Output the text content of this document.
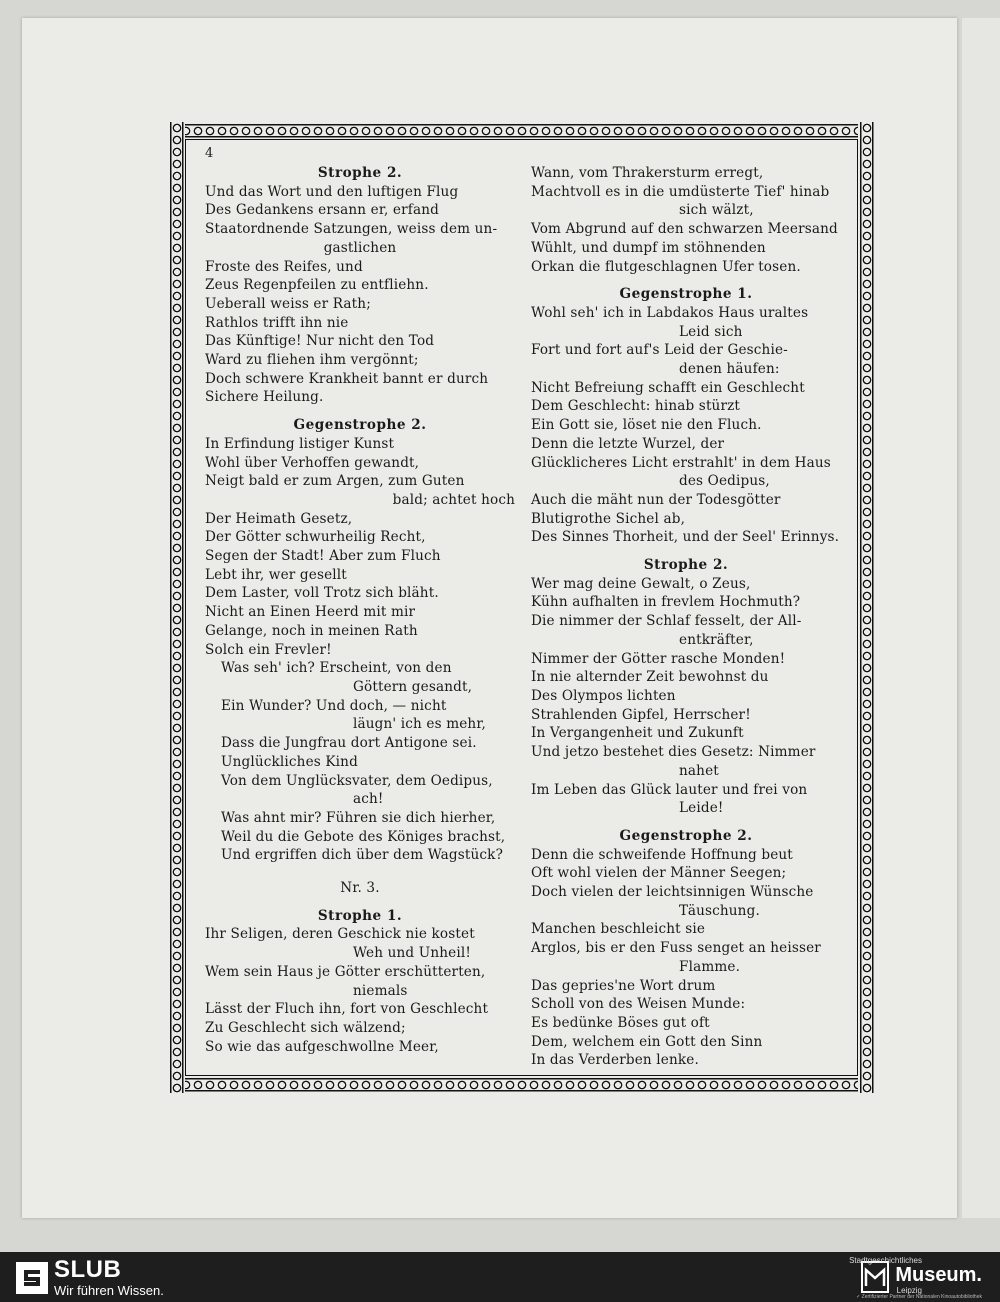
4

Strophe 2.

Und das Wort und den luftigen Flug

Des Gedankens ersann er, erfand

Staatordnende Satzungen, weiss dem un-

gastlichen

Froste des Reifes, und

Zeus Regenpfeilen zu entfliehn.

Ueberall weiss er Rath;

Rathlos trifft ihn nie

Das Künftige! Nur nicht den Tod

Ward zu fliehen ihm vergönnt;

Doch schwere Krankheit bannt er durch

Sichere Heilung.

Gegenstrophe 2.

In Erfindung listiger Kunst

Wohl über Verhoffen gewandt,

Neigt bald er zum Argen, zum Guten

bald; achtet hoch

Der Heimath Gesetz,

Der Götter schwurheilig Recht,

Segen der Stadt! Aber zum Fluch

Lebt ihr, wer gesellt

Dem Laster, voll Trotz sich bläht.

Nicht an Einen Heerd mit mir

Gelange, noch in meinen Rath

Solch ein Frevler!

Was seh' ich? Erscheint, von den

Göttern gesandt,

Ein Wunder? Und doch, — nicht

läugn' ich es mehr,

Dass die Jungfrau dort Antigone sei.

Unglückliches Kind

Von dem Unglücksvater, dem Oedipus,

ach!

Was ahnt mir? Führen sie dich hierher,

Weil du die Gebote des Königes brachst,

Und ergriffen dich über dem Wagstück?

Nr. 3.

Strophe 1.

Ihr Seligen, deren Geschick nie kostet

Weh und Unheil!

Wem sein Haus je Götter erschütterten,

niemals

Lässt der Fluch ihn, fort von Geschlecht

Zu Geschlecht sich wälzend;

So wie das aufgeschwollne Meer,

Wann, vom Thrakersturm erregt,

Machtvoll es in die umdüsterte Tief' hinab

sich wälzt,

Vom Abgrund auf den schwarzen Meersand

Wühlt, und dumpf im stöhnenden

Orkan die flutgeschlagnen Ufer tosen.

Gegenstrophe 1.

Wohl seh' ich in Labdakos Haus uraltes

Leid sich

Fort und fort auf's Leid der Geschie-

denen häufen:

Nicht Befreiung schafft ein Geschlecht

Dem Geschlecht: hinab stürzt

Ein Gott sie, löset nie den Fluch.

Denn die letzte Wurzel, der

Glücklicheres Licht erstrahlt' in dem Haus

des Oedipus,

Auch die mäht nun der Todesgötter

Blutigrothe Sichel ab,

Des Sinnes Thorheit, und der Seel' Erinnys.

Strophe 2.

Wer mag deine Gewalt, o Zeus,

Kühn aufhalten in frevlem Hochmuth?

Die nimmer der Schlaf fesselt, der All-

entkräfter,

Nimmer der Götter rasche Monden!

In nie alternder Zeit bewohnst du

Des Olympos lichten

Strahlenden Gipfel, Herrscher!

In Vergangenheit und Zukunft

Und jetzo bestehet dies Gesetz: Nimmer

nahet

Im Leben das Glück lauter und frei von

Leide!

Gegenstrophe 2.

Denn die schweifende Hoffnung beut

Oft wohl vielen der Männer Seegen;

Doch vielen der leichtsinnigen Wünsche

Täuschung.

Manchen beschleicht sie

Arglos, bis er den Fuss senget an heisser

Flamme.

Das gepries'ne Wort drum

Scholl von des Weisen Munde:

Es bedünke Böses gut oft

Dem, welchem ein Gott den Sinn

In das Verderben lenke.

SLUB
Wir führen Wissen.
Stadtgeschichtliches
Museum.
Leipzig
✓ Zertifizierter Partner der Nationalen Kinoautobibliothek
